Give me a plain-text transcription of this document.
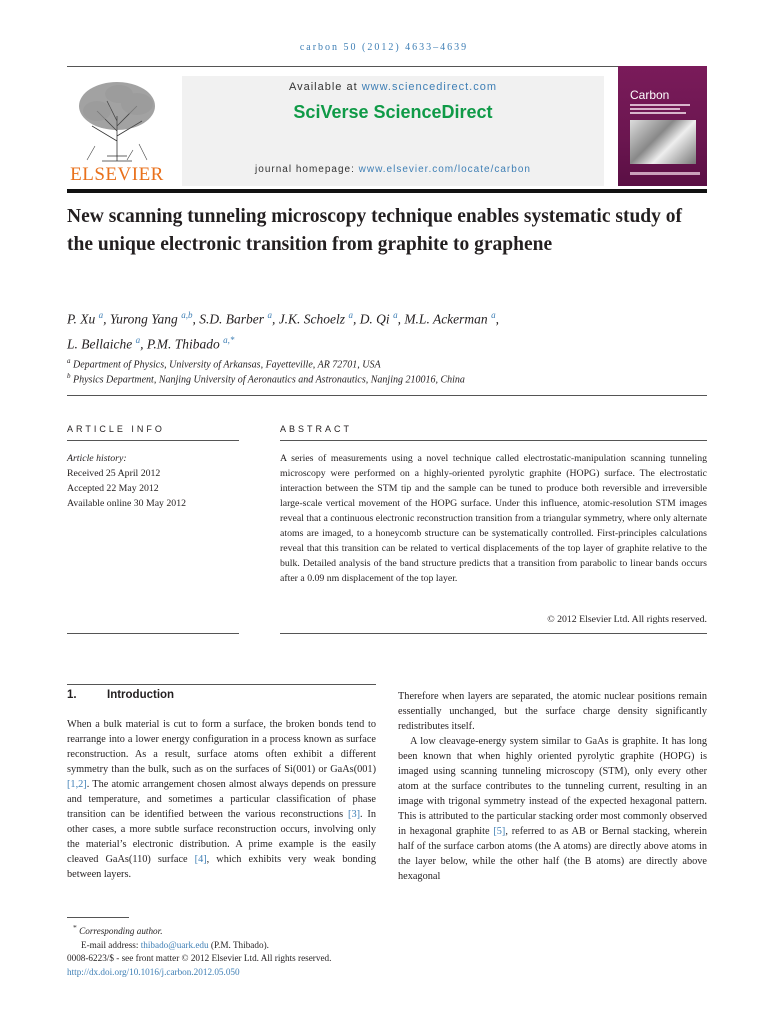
carbon 50 (2012) 4633–4639
ELSEVIER
Available at www.sciencedirect.com
SciVerse ScienceDirect
journal homepage: www.elsevier.com/locate/carbon
Carbon
New scanning tunneling microscopy technique enables systematic study of the unique electronic transition from graphite to graphene
P. Xu $^a$, Yurong Yang $^{a,b}$, S.D. Barber $^a$, J.K. Schoelz $^a$, D. Qi $^a$, M.L. Ackerman $^a$,
L. Bellaiche $^a$, P.M. Thibado $^{a,*}$
$^a$ Department of Physics, University of Arkansas, Fayetteville, AR 72701, USA
$^b$ Physics Department, Nanjing University of Aeronautics and Astronautics, Nanjing 210016, China
ARTICLE INFO	ABSTRACT
Article history:
Received 25 April 2012
Accepted 22 May 2012
Available online 30 May 2012
A series of measurements using a novel technique called electrostatic-manipulation scanning tunneling microscopy were performed on a highly-oriented pyrolytic graphite (HOPG) surface. The electrostatic interaction between the STM tip and the sample can be tuned to produce both reversible and irreversible large-scale vertical movement of the HOPG surface. Under this influence, atomic-resolution STM images reveal that a continuous electronic reconstruction transition from a triangular symmetry, where only alternate atoms are imaged, to a honeycomb structure can be systematically controlled. First-principles calculations reveal that this transition can be related to vertical displacements of the top layer of graphite relative to the bulk. Detailed analysis of the band structure predicts that a transition from parabolic to linear bands occurs after a 0.09 nm displacement of the top layer.
© 2012 Elsevier Ltd. All rights reserved.
1.	Introduction
When a bulk material is cut to form a surface, the broken bonds tend to rearrange into a lower energy configuration in a process known as surface reconstruction. As a result, surface atoms often exhibit a different symmetry than the bulk, such as on the surfaces of Si(001) or GaAs(001) [1,2]. The atomic arrangement chosen almost always depends on pressure and temperature, and sometimes a particular classification of phase transition can be identified between the various reconstructions [3]. In other cases, a more subtle surface reconstruction occurs, involving only the material’s electronic distribution. A prime example is the easily cleaved GaAs(110) surface [4], which exhibits very weak bonding between layers.
Therefore when layers are separated, the atomic nuclear positions remain essentially unchanged, but the surface charge density significantly redistributes itself.
A low cleavage-energy system similar to GaAs is graphite. It has long been known that when highly oriented pyrolytic graphite (HOPG) is imaged using scanning tunneling microscopy (STM), only every other atom at the surface contributes to the tunneling current, resulting in an image with trigonal symmetry instead of the expected hexagonal pattern. This is attributed to the particular stacking order most commonly observed in hexagonal graphite [5], referred to as AB or Bernal stacking, wherein half of the surface carbon atoms (the A atoms) are directly above atoms in the layer below, while the other half (the B atoms) are directly above hexagonal
* Corresponding author.
E-mail address: thibado@uark.edu (P.M. Thibado).
0008-6223/$ - see front matter © 2012 Elsevier Ltd. All rights reserved.
http://dx.doi.org/10.1016/j.carbon.2012.05.050
